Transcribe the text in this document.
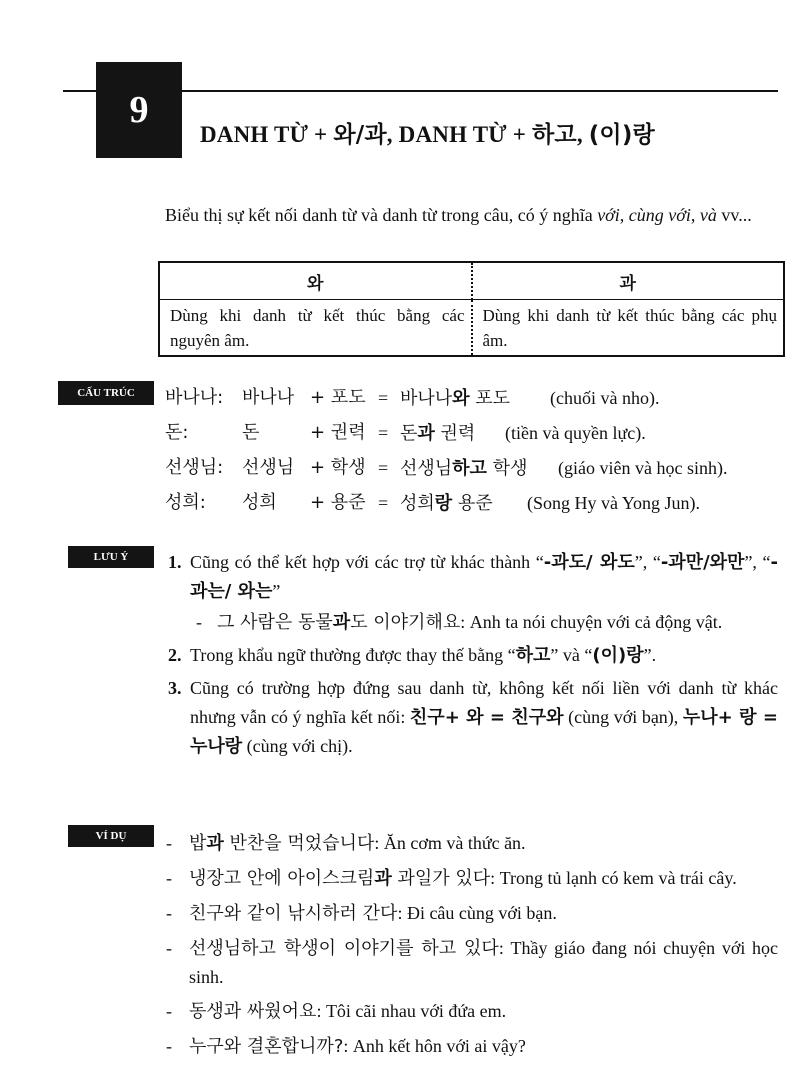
9
DANH TỪ + 와/과, DANH TỪ + 하고, (이)랑
Biểu thị sự kết nối danh từ và danh từ trong câu, có ý nghĩa với, cùng với, và vv...
와	과
Dùng khi danh từ kết thúc bằng các nguyên âm.	Dùng khi danh từ kết thúc bằng các phụ âm.
CẤU TRÚC
LƯU Ý
VÍ DỤ
바나나: 바나나 + 포도 = 바나나와 포도 (chuối và nho).
돈:	돈	+ 권력 = 돈과 권력 (tiền và quyền lực).
선생님: 선생님 + 학생 = 선생님하고 학생 (giáo viên và học sinh).
성희: 성희 + 용준 = 성희랑 용준 (Song Hy và Yong Jun).
1. Cũng có thể kết hợp với các trợ từ khác thành “-과도/ 와도”, “-과만/와만”, “-과는/ 와는”
- 그 사람은 동물과도 이야기해요: Anh ta nói chuyện với cả động vật.
2. Trong khẩu ngữ thường được thay thế bằng “하고” và “(이)랑”.
3. Cũng có trường hợp đứng sau danh từ, không kết nối liền với danh từ khác nhưng vẫn có ý nghĩa kết nối: 친구+ 와 = 친구와 (cùng với bạn), 누나+ 랑 = 누나랑 (cùng với chị).
- 밥과 반찬을 먹었습니다: Ăn cơm và thức ăn.
- 냉장고 안에 아이스크림과 과일가 있다: Trong tủ lạnh có kem và trái cây.
- 친구와 같이 낚시하러 간다: Đi câu cùng với bạn.
- 선생님하고 학생이 이야기를 하고 있다: Thầy giáo đang nói chuyện với học sinh.
- 동생과 싸웠어요: Tôi cãi nhau với đứa em.
- 누구와 결혼합니까?: Anh kết hôn với ai vậy?
